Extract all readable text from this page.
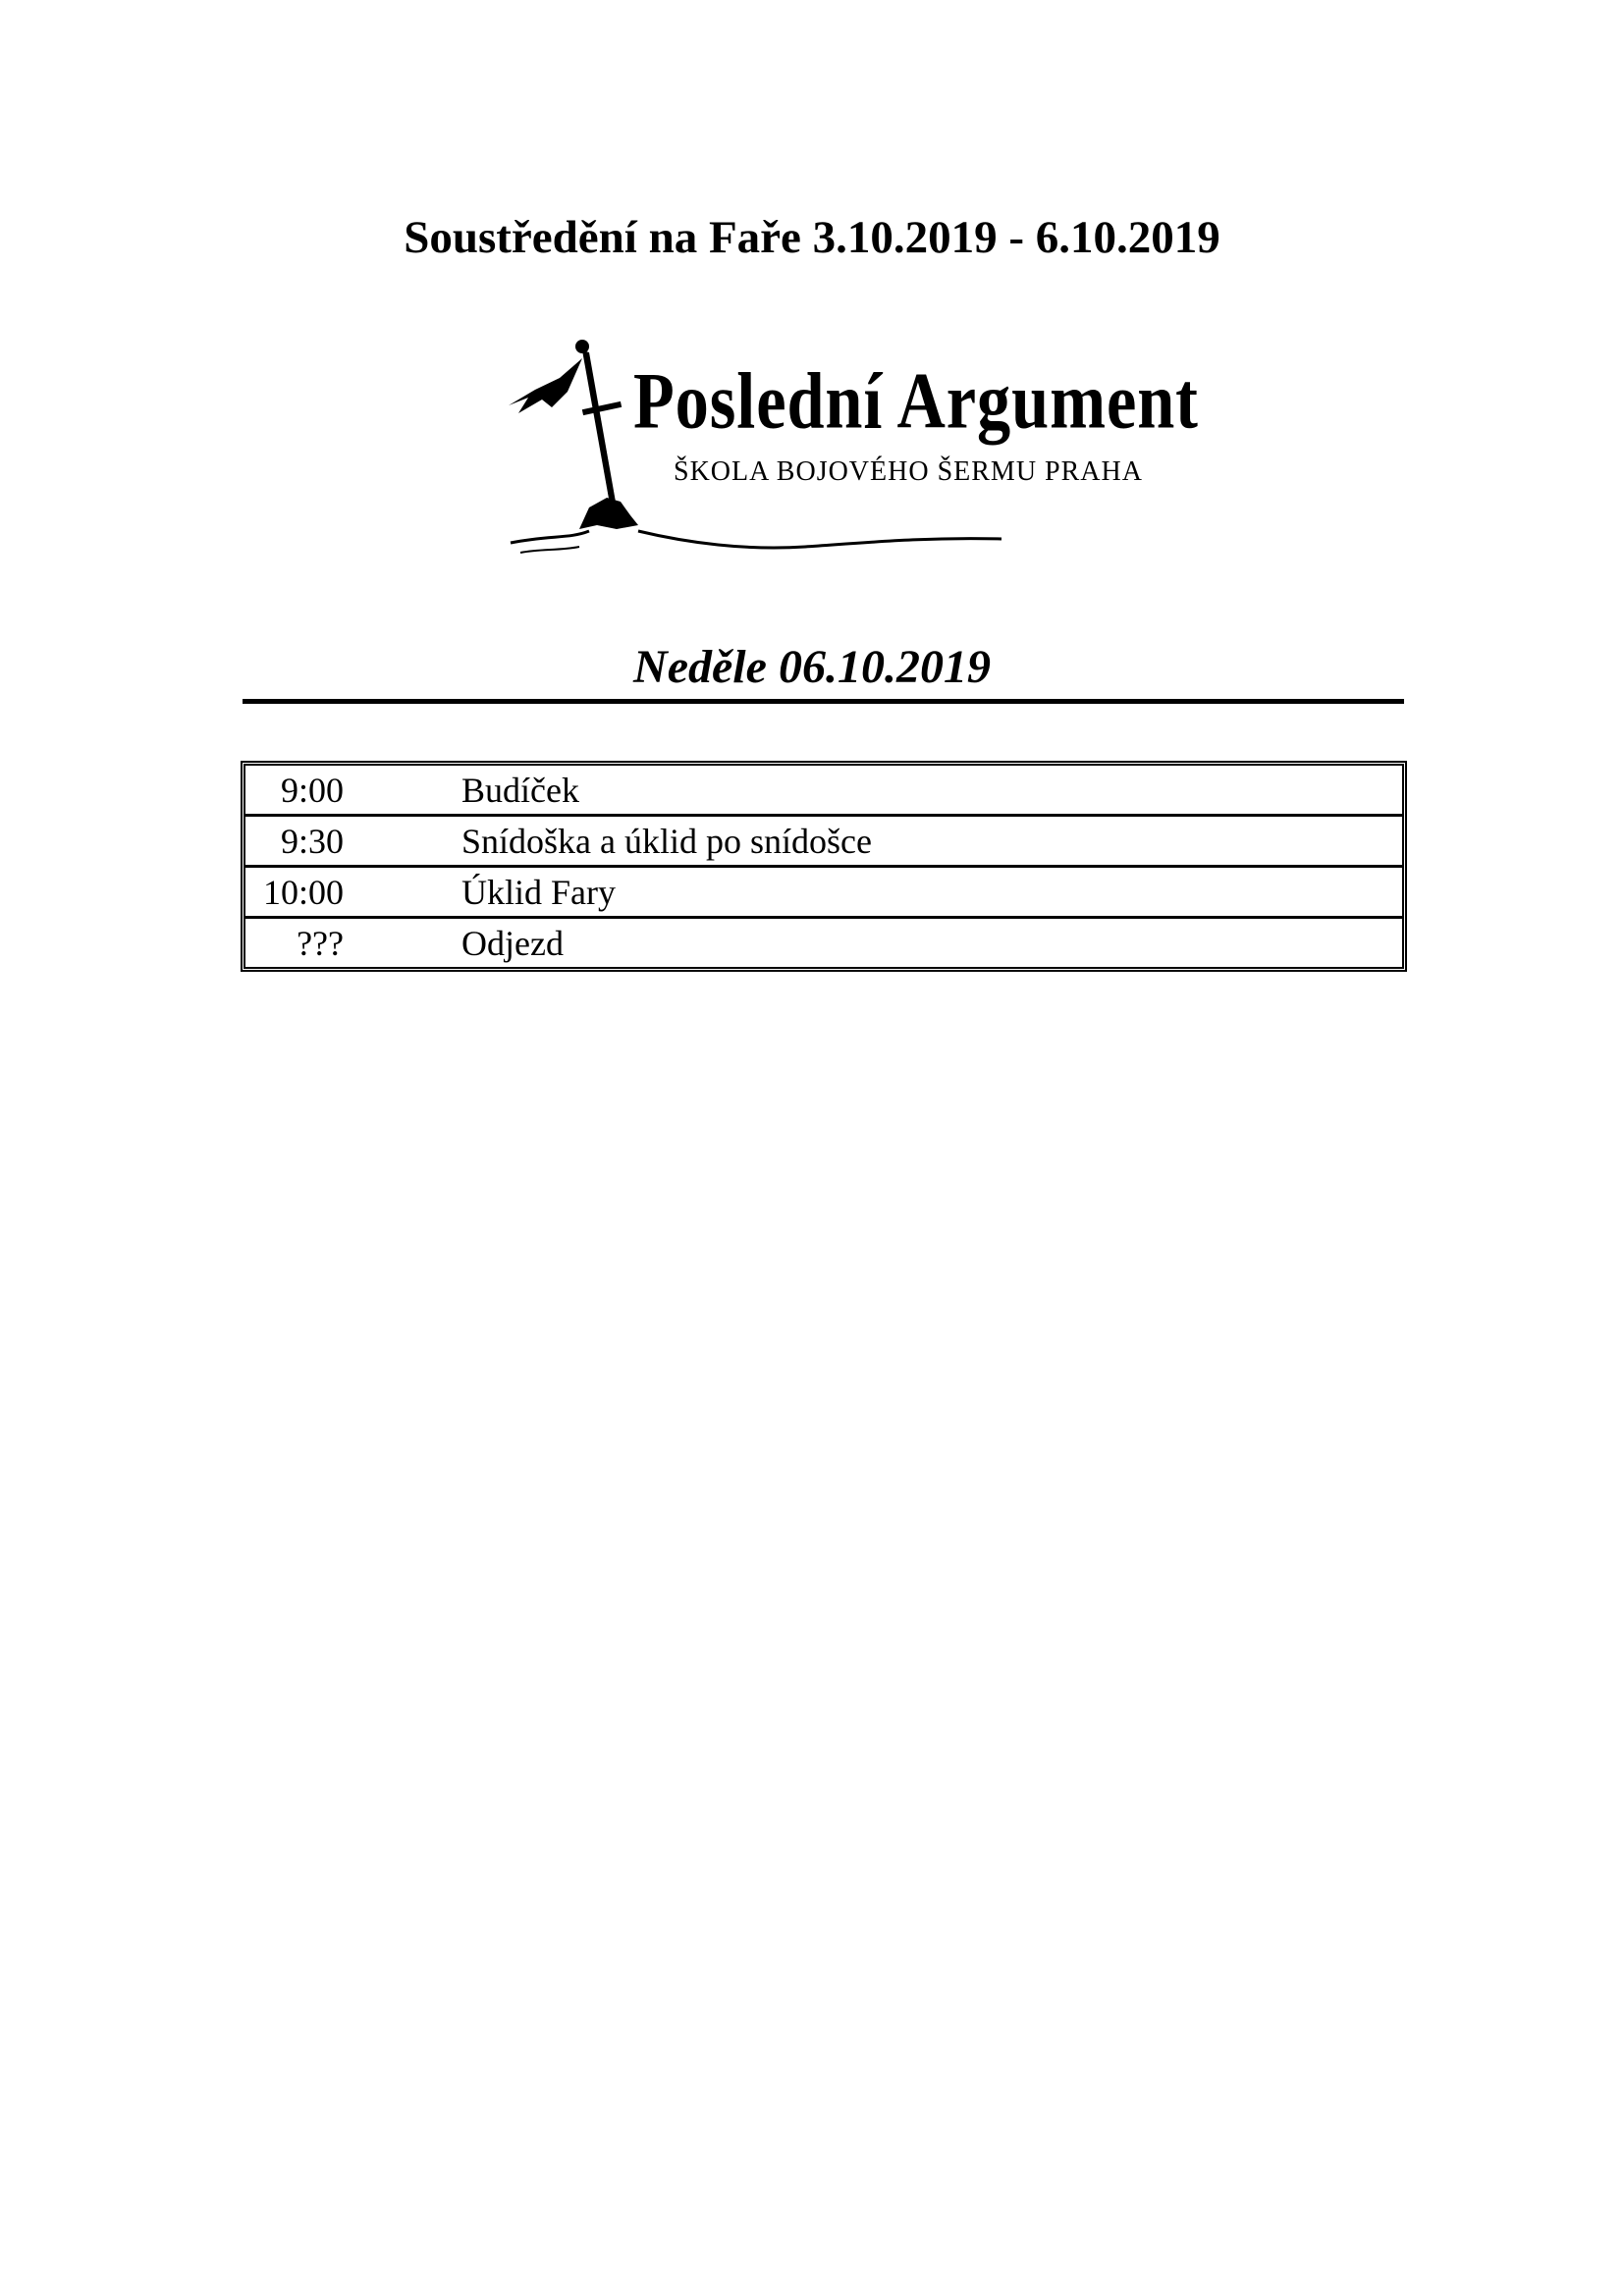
Soustředění na Faře 3.10.2019 - 6.10.2019
Poslední Argument
ŠKOLA BOJOVÉHO ŠERMU PRAHA
Neděle 06.10.2019
9:00	Budíček
9:30	Snídoška a úklid po snídošce
10:00	Úklid Fary
???	Odjezd
